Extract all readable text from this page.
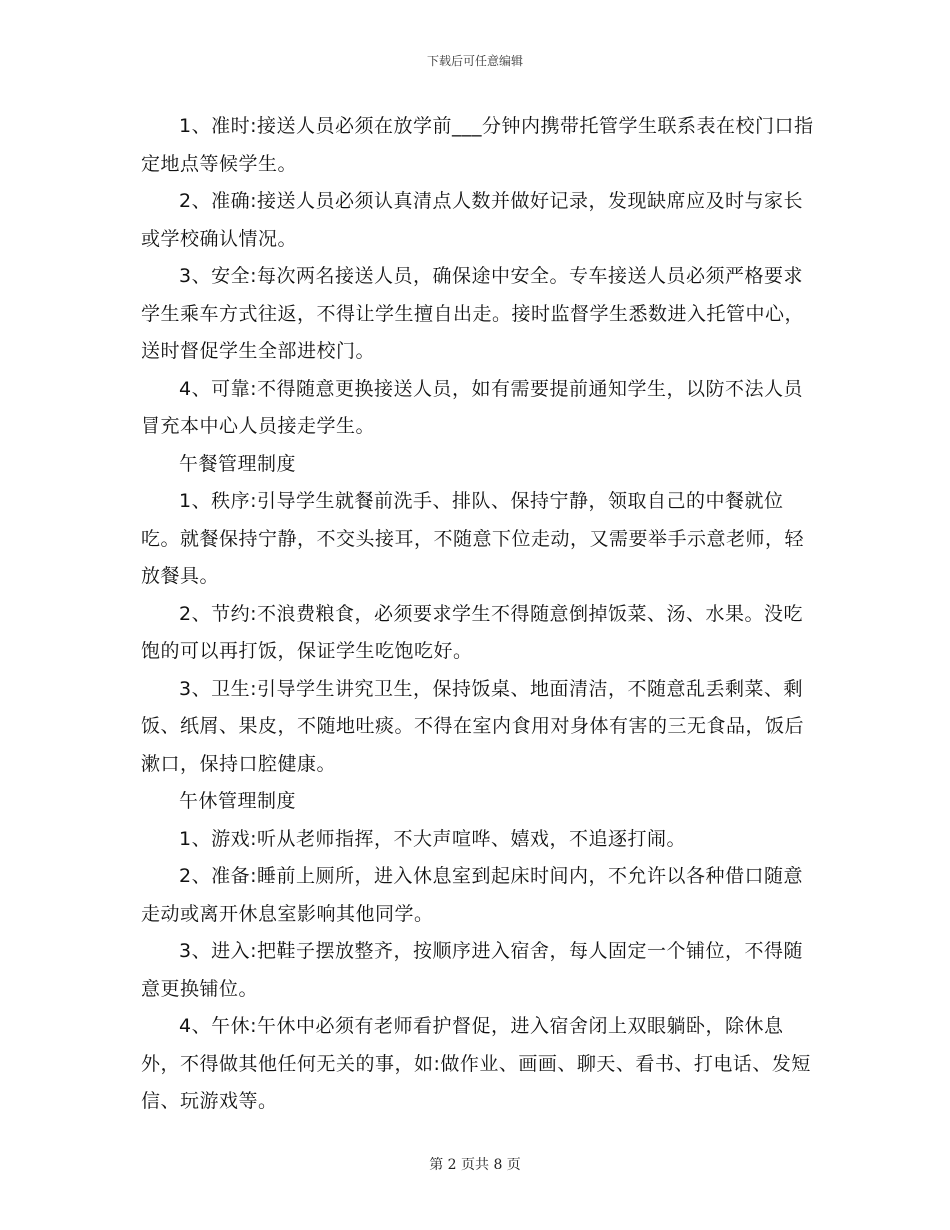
下载后可任意编辑

1、准时:接送人员必须在放学前___分钟内携带托管学生联系表在校门口指定地点等候学生。

2、准确:接送人员必须认真清点人数并做好记录，发现缺席应及时与家长或学校确认情况。

3、安全:每次两名接送人员，确保途中安全。专车接送人员必须严格要求学生乘车方式往返，不得让学生擅自出走。接时监督学生悉数进入托管中心，送时督促学生全部进校门。

4、可靠:不得随意更换接送人员，如有需要提前通知学生，以防不法人员冒充本中心人员接走学生。

午餐管理制度

1、秩序:引导学生就餐前洗手、排队、保持宁静，领取自己的中餐就位吃。就餐保持宁静，不交头接耳，不随意下位走动，又需要举手示意老师，轻放餐具。

2、节约:不浪费粮食，必须要求学生不得随意倒掉饭菜、汤、水果。没吃饱的可以再打饭，保证学生吃饱吃好。

3、卫生:引导学生讲究卫生，保持饭桌、地面清洁，不随意乱丢剩菜、剩饭、纸屑、果皮，不随地吐痰。不得在室内食用对身体有害的三无食品，饭后漱口，保持口腔健康。

午休管理制度

1、游戏:听从老师指挥，不大声喧哗、嬉戏，不追逐打闹。

2、准备:睡前上厕所，进入休息室到起床时间内，不允许以各种借口随意走动或离开休息室影响其他同学。

3、进入:把鞋子摆放整齐，按顺序进入宿舍，每人固定一个铺位，不得随意更换铺位。

4、午休:午休中必须有老师看护督促，进入宿舍闭上双眼躺卧，除休息外，不得做其他任何无关的事，如:做作业、画画、聊天、看书、打电话、发短信、玩游戏等。

第 2 页共 8 页
